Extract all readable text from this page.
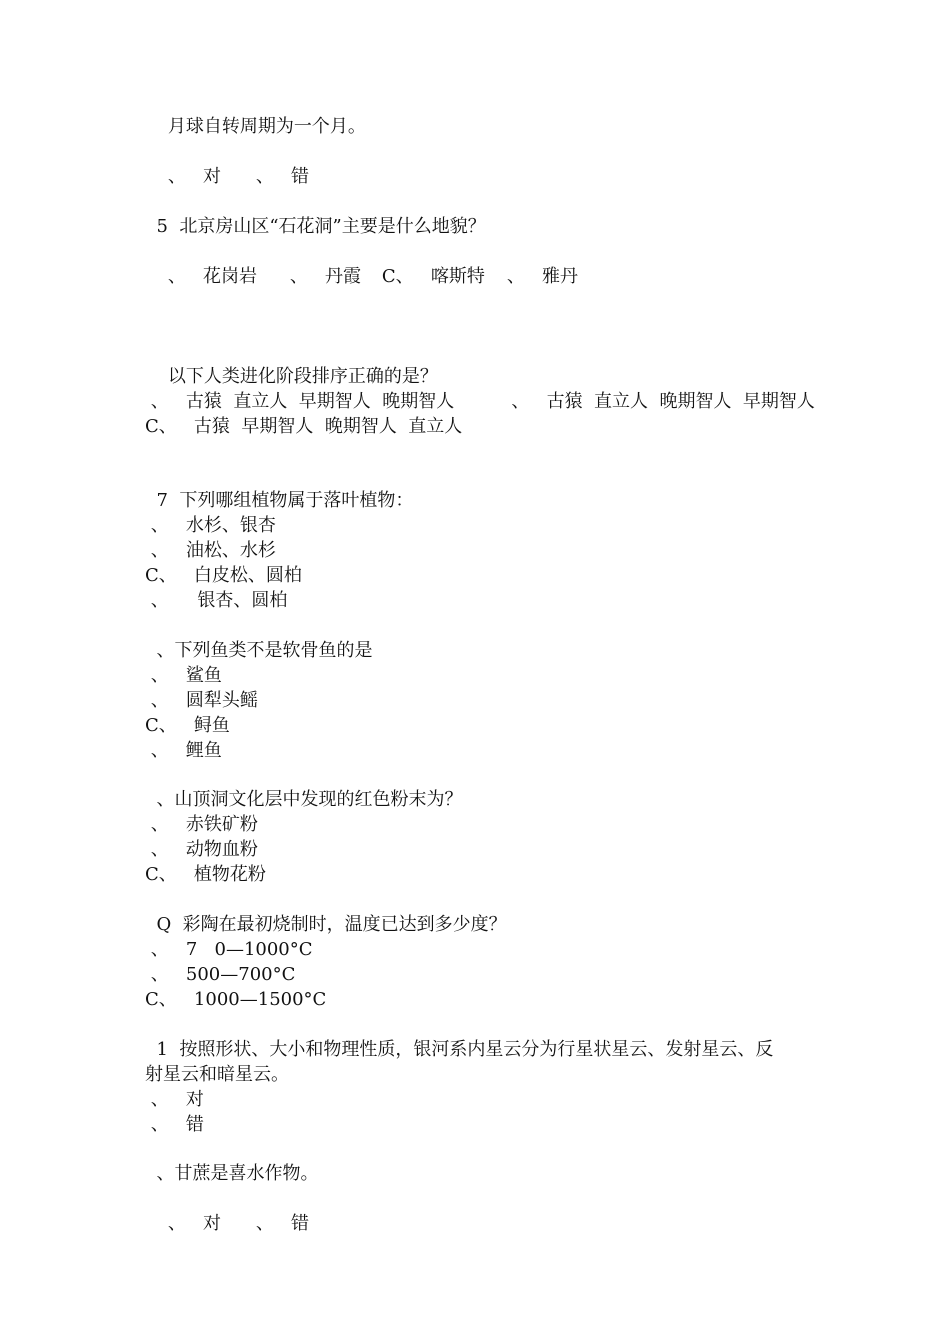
月球自转周期为一个月。

、   对 、   错

5  北京房山区“石花洞”主要是什么地貌？

、   花岗岩 、   丹霞 C、   喀斯特 、   雅丹

以下人类进化阶段排序正确的是？
、   古猿  直立人  早期智人  晚期智人          、   古猿  直立人  晚期智人  早期智人
C、   古猿  早期智人  晚期智人  直立人
7  下列哪组植物属于落叶植物：
、   水杉、银杏
、   油松、水杉
C、   白皮松、圆柏
、     银杏、圆柏
、下列鱼类不是软骨鱼的是
、   鲨鱼
、   圆犁头鳐
C、   鲟鱼
、   鲤鱼
、山顶洞文化层中发现的红色粉末为？
、   赤铁矿粉
、   动物血粉
C、   植物花粉
Q  彩陶在最初烧制时，温度已达到多少度？
、   7   0—1000°C
、   500—700°C
C、   1000—1500°C
1  按照形状、大小和物理性质，银河系内星云分为行星状星云、发射星云、反
射星云和暗星云。
、   对
、   错
、甘蔗是喜水作物。

、   对 、   错
